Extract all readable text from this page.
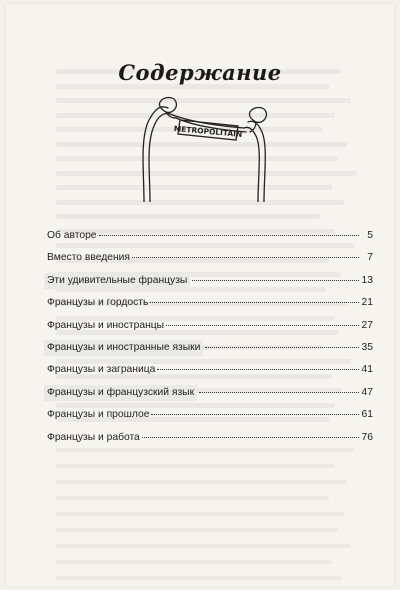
Содержание
METROPOLITAIN
Об авторе	5
Вместо введения	7
Эти удивительные французы	13
Французы и гордость	21
Французы и иностранцы	27
Французы и иностранные языки	35
Французы и заграница	41
Французы и французский язык	47
Французы и прошлое	61
Французы и работа	76
